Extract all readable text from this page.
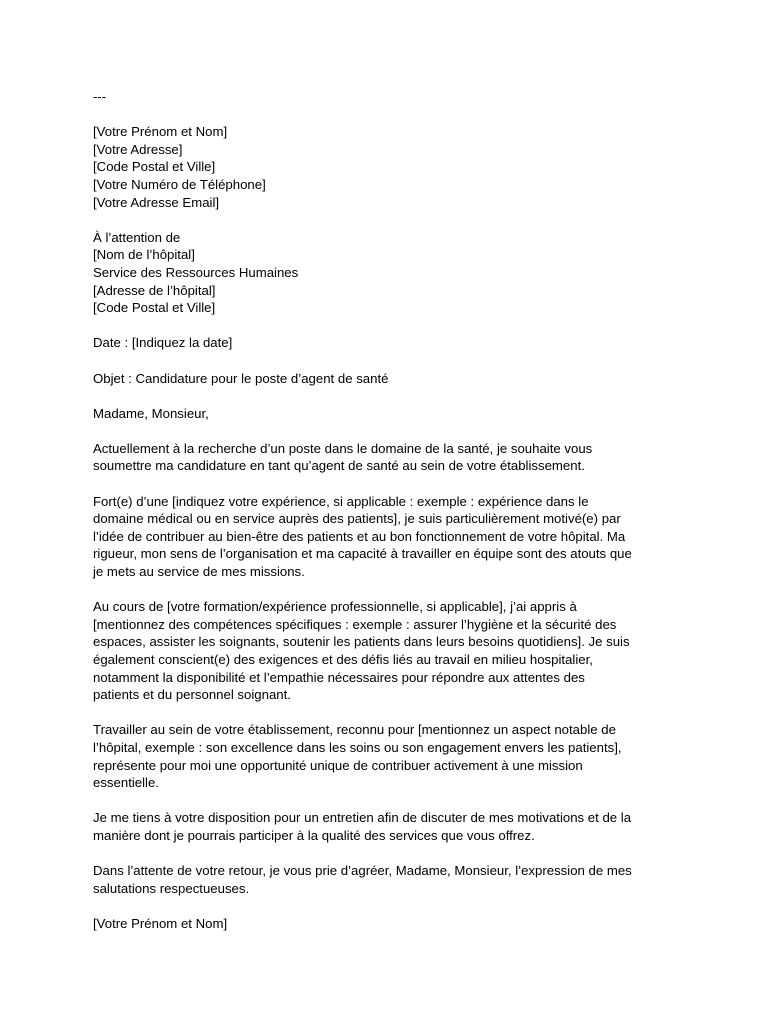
---
[Votre Prénom et Nom]
[Votre Adresse]
[Code Postal et Ville]
[Votre Numéro de Téléphone]
[Votre Adresse Email]
À l’attention de
[Nom de l’hôpital]
Service des Ressources Humaines
[Adresse de l’hôpital]
[Code Postal et Ville]
Date : [Indiquez la date]
Objet : Candidature pour le poste d’agent de santé
Madame, Monsieur,
Actuellement à la recherche d’un poste dans le domaine de la santé, je souhaite vous
soumettre ma candidature en tant qu’agent de santé au sein de votre établissement.
Fort(e) d’une [indiquez votre expérience, si applicable : exemple : expérience dans le
domaine médical ou en service auprès des patients], je suis particulièrement motivé(e) par
l’idée de contribuer au bien-être des patients et au bon fonctionnement de votre hôpital. Ma
rigueur, mon sens de l’organisation et ma capacité à travailler en équipe sont des atouts que
je mets au service de mes missions.
Au cours de [votre formation/expérience professionnelle, si applicable], j’ai appris à
[mentionnez des compétences spécifiques : exemple : assurer l’hygiène et la sécurité des
espaces, assister les soignants, soutenir les patients dans leurs besoins quotidiens]. Je suis
également conscient(e) des exigences et des défis liés au travail en milieu hospitalier,
notamment la disponibilité et l’empathie nécessaires pour répondre aux attentes des
patients et du personnel soignant.
Travailler au sein de votre établissement, reconnu pour [mentionnez un aspect notable de
l’hôpital, exemple : son excellence dans les soins ou son engagement envers les patients],
représente pour moi une opportunité unique de contribuer activement à une mission
essentielle.
Je me tiens à votre disposition pour un entretien afin de discuter de mes motivations et de la
manière dont je pourrais participer à la qualité des services que vous offrez.
Dans l’attente de votre retour, je vous prie d’agréer, Madame, Monsieur, l’expression de mes
salutations respectueuses.
[Votre Prénom et Nom]
